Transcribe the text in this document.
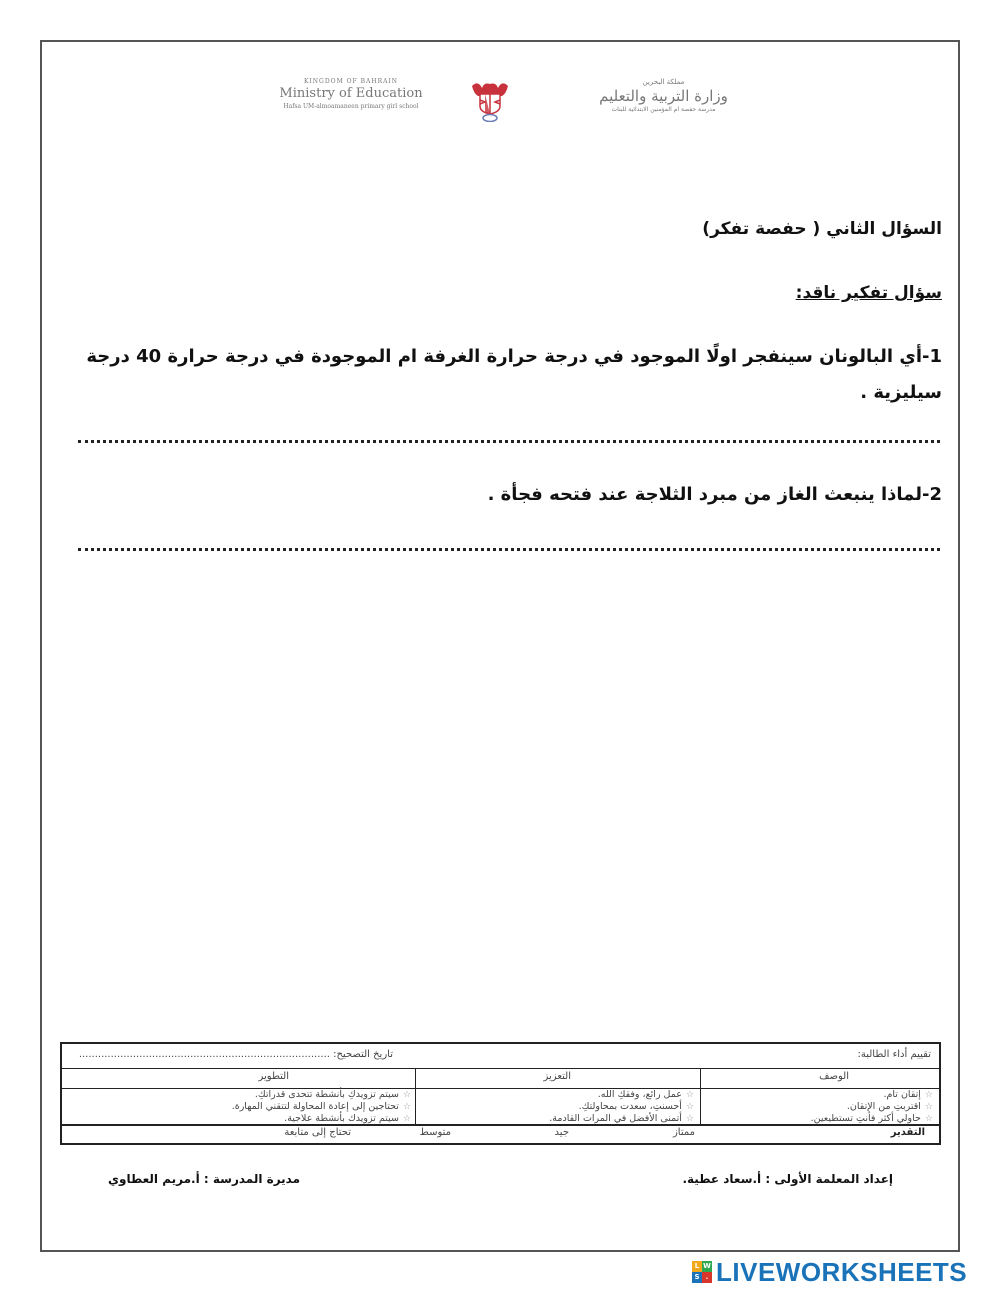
KINGDOM OF BAHRAIN
Ministry of Education
Hafsa UM-almoamaneen primary girl school
مملكة البحرين
وزارة التربية والتعليم
مدرسة حفصة ام المؤمنين الابتدائية للبنات
السؤال الثاني ( حفصة تفكر)
سؤال تفكير ناقد:
1-أي البالونان سينفجر اولًا الموجود في درجة حرارة الغرفة ام الموجودة في درجة حرارة 40 درجة سيليزية .
2-لماذا ينبعث الغاز من مبرد الثلاجة عند فتحه فجأة .
تقييم أداء الطالبة:
تاريخ التصحيح: ...............................................................................
الوصف
التعزيز
التطوير
☆إتقان تام.
☆اقتربتِ من الإتقان.
☆حاولي أكثر فأنتِ تستطيعين.
☆عمل رائع، وفقكِ الله.
☆أحسنتِ، سعدت بمحاولتكِ.
☆أتمنى الأفضل في المرات القادمة.
☆سيتم تزويدكِ بأنشطة تتحدى قدراتكِ.
☆تحتاجين إلى إعادة المحاولة لتتقني المهارة.
☆سيتم تزويدك بأنشطة علاجية.
التقدير
ممتاز
جيد
متوسط
تحتاج إلى متابعة
إعداد المعلمة الأولى : أ.سعاد عطية.
مديرة المدرسة : أ.مريم العطاوي
L W
S . LIVEWORKSHEETS
